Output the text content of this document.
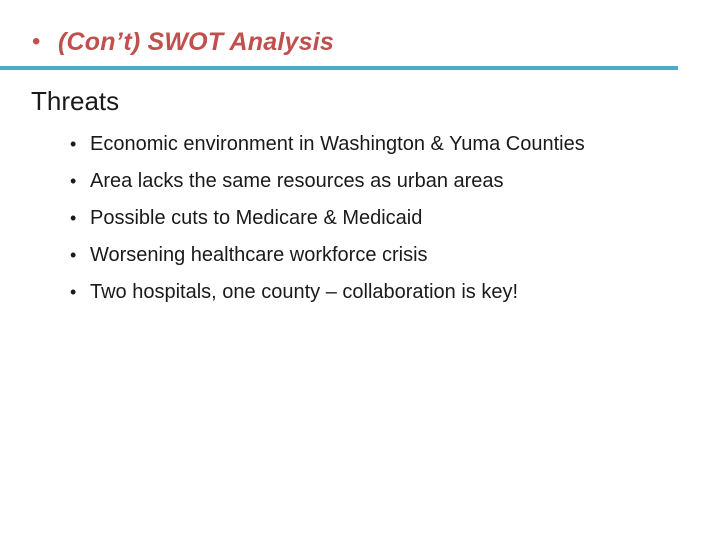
• (Con’t) SWOT Analysis
Threats
• Economic environment in Washington & Yuma Counties
• Area lacks the same resources as urban areas
• Possible cuts to Medicare & Medicaid
• Worsening healthcare workforce crisis
• Two hospitals, one county – collaboration is key!
